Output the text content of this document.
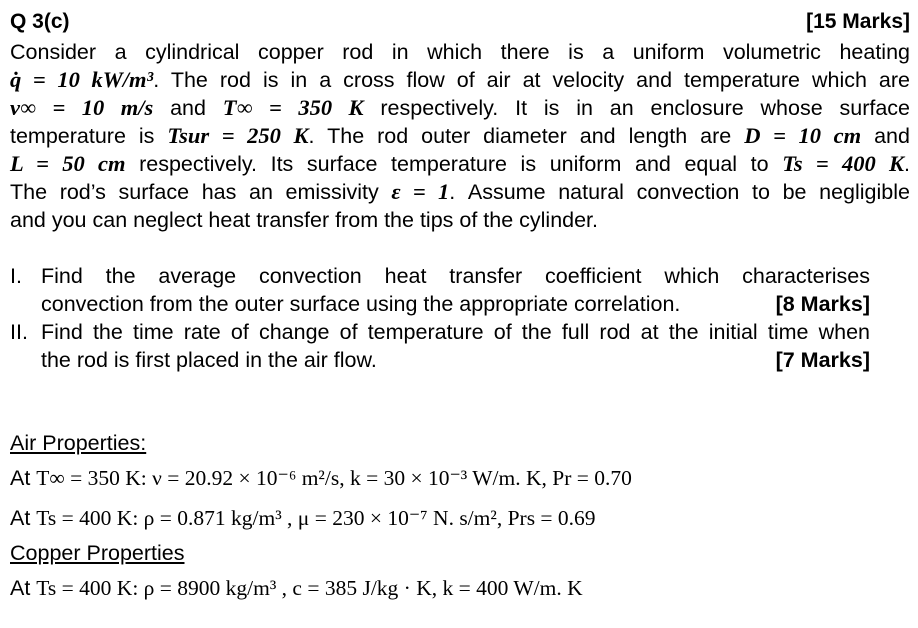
Q 3(c)	[15 Marks]
Consider a cylindrical copper rod in which there is a uniform volumetric heating
q̇ = 10 kW/m³. The rod is in a cross flow of air at velocity and temperature which are
v∞ = 10 m/s and T∞ = 350 K respectively. It is in an enclosure whose surface
temperature is Tsur = 250 K. The rod outer diameter and length are D = 10 cm and
L = 50 cm respectively. Its surface temperature is uniform and equal to Ts = 400 K.
The rod’s surface has an emissivity ε = 1. Assume natural convection to be negligible
and you can neglect heat transfer from the tips of the cylinder.
I. Find the average convection heat transfer coefficient which characterises
convection from the outer surface using the appropriate correlation.	[8 Marks]
II. Find the time rate of change of temperature of the full rod at the initial time when
the rod is first placed in the air flow.	[7 Marks]
Air Properties:
At T∞ = 350 K: ν = 20.92 × 10⁻⁶ m²/s, k = 30 × 10⁻³ W/m. K, Pr = 0.70
At Ts = 400 K: ρ = 0.871 kg/m³ , μ = 230 × 10⁻⁷ N. s/m², Prs = 0.69
Copper Properties
At Ts = 400 K: ρ = 8900 kg/m³ , c = 385 J/kg · K, k = 400 W/m. K
